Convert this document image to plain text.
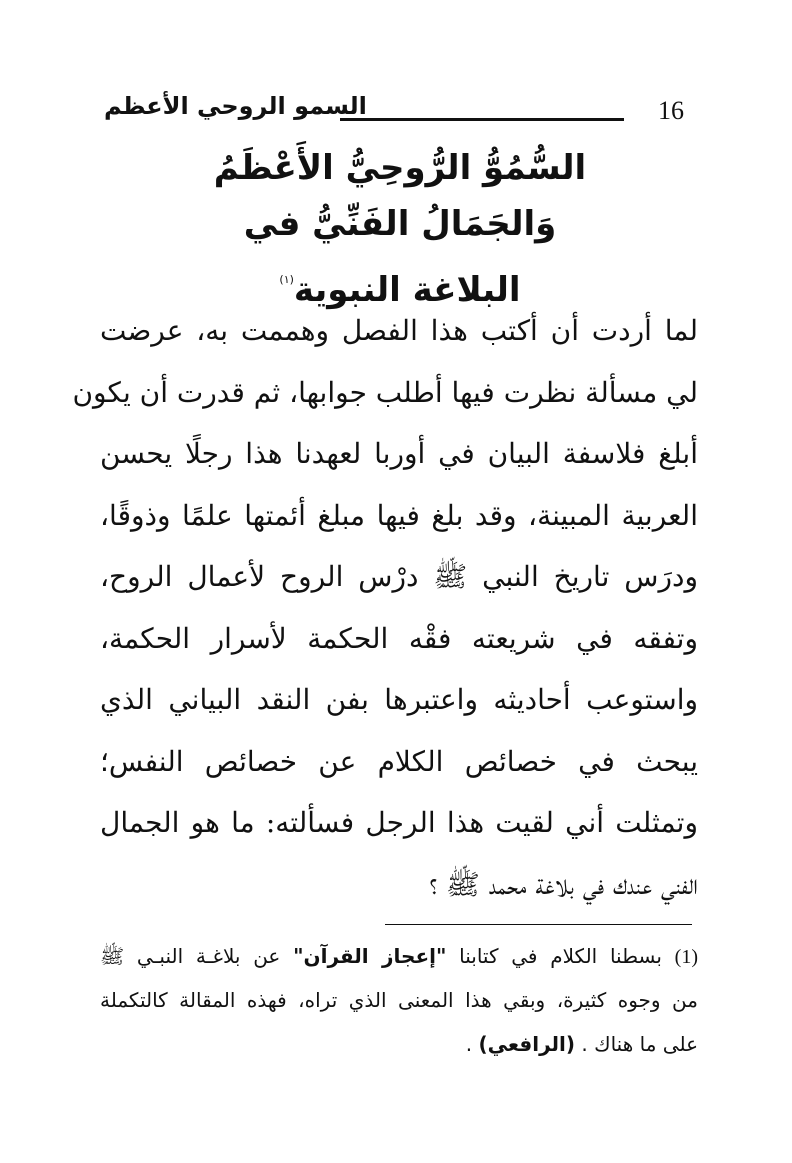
16
السمو الروحي الأعظم
السُّمُوُّ الرُّوحِيُّ الأَعْظَمُ
وَالجَمَالُ الفَنِّيُّ في
البلاغة النبوية$^{(١)}$
لما أردت أن أكتب هذا الفصل وهممت به، عرضت
لي مسألة نظرت فيها أطلب جوابها، ثم قدرت أن يكون
أبلغ فلاسفة البيان في أوربا لعهدنا هذا رجلًا يحسن
العربية المبينة، وقد بلغ فيها مبلغ أئمتها علمًا وذوقًا،
ودرَس تاريخ النبي ﷺ درْس الروح لأعمال الروح،
وتفقه في شريعته فقْه الحكمة لأسرار الحكمة،
واستوعب أحاديثه واعتبرها بفن النقد البياني الذي
يبحث في خصائص الكلام عن خصائص النفس؛
وتمثلت أني لقيت هذا الرجل فسألته: ما هو الجمال
الفني عندك في بلاغة محمد ﷺ ؟
(1) بسطنا الكلام في كتابنا "إعجاز القرآن" عن بلاغـة النبـي ﷺ
من وجوه كثيرة، وبقي هذا المعنى الذي تراه، فهذه المقالة كالتكملة
على ما هناك . (الرافعي) .
